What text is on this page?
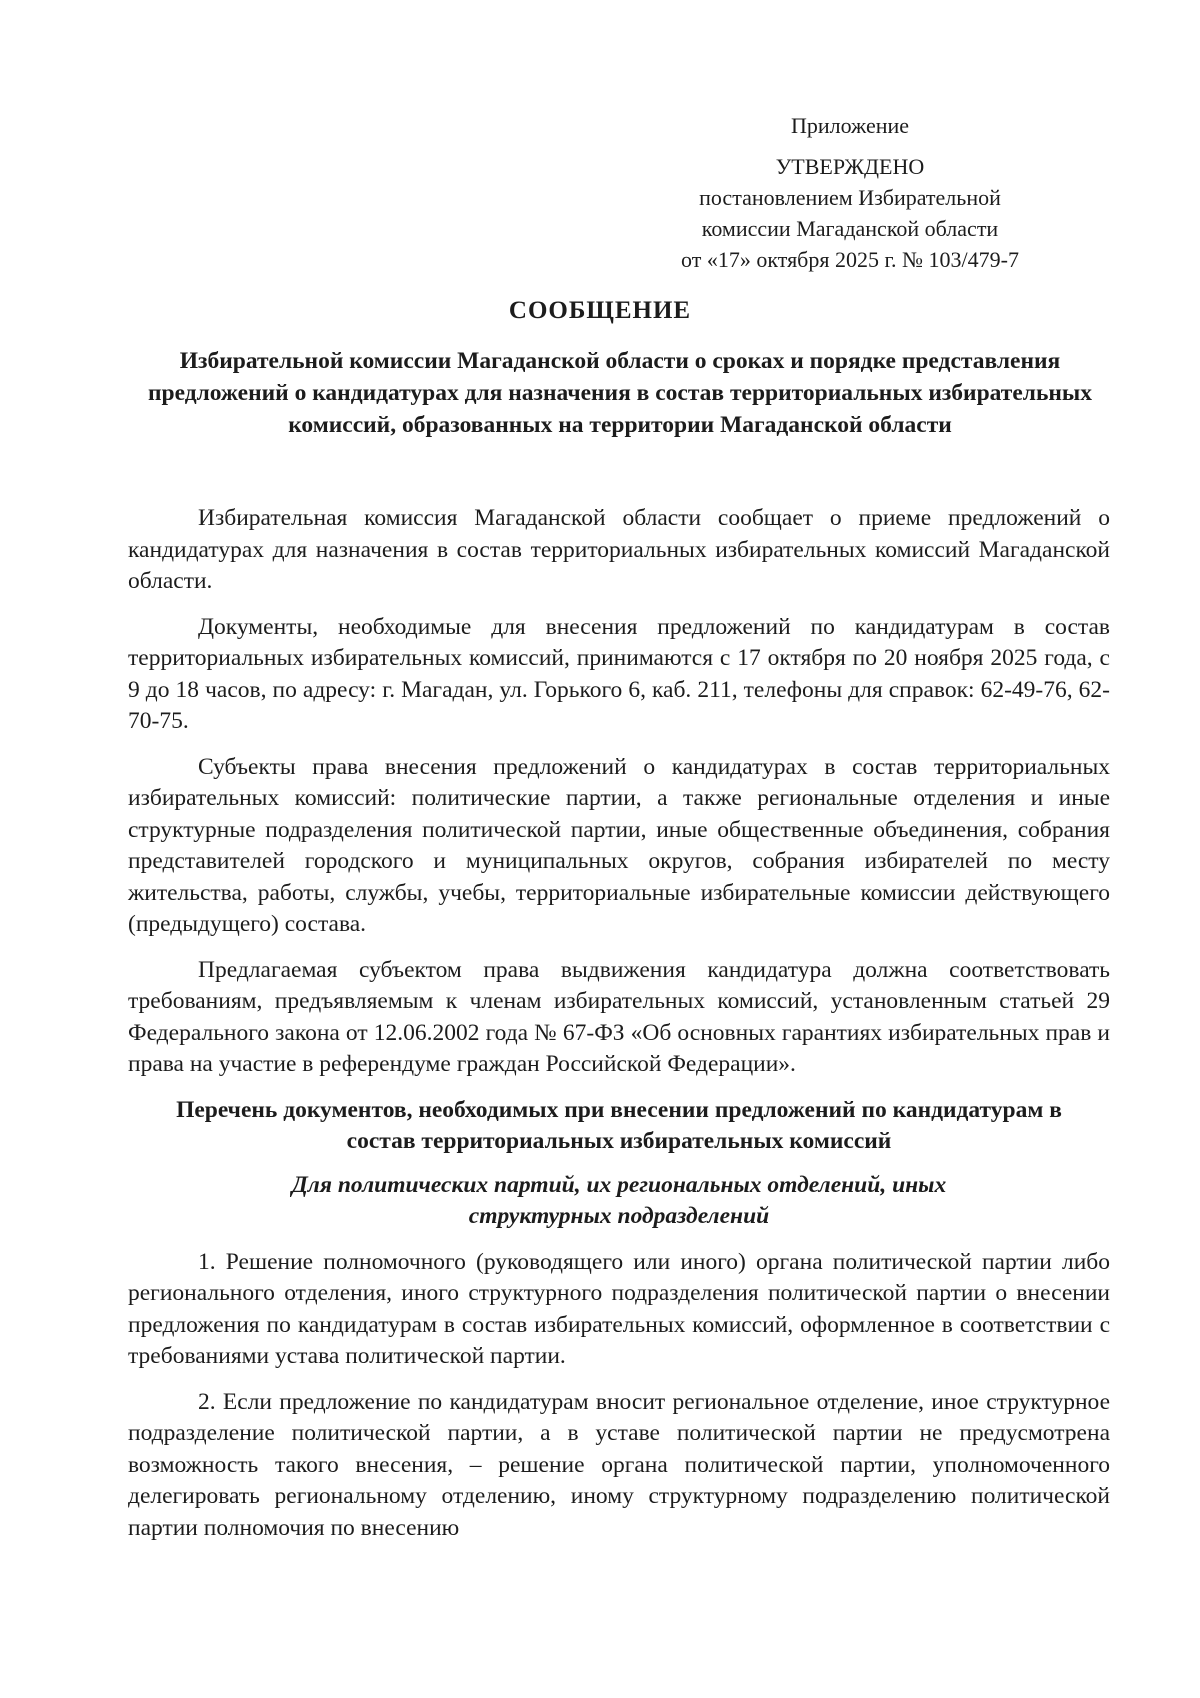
Приложение
УТВЕРЖДЕНО
постановлением Избирательной
комиссии Магаданской области
от «17» октября 2025 г. № 103/479-7
СООБЩЕНИЕ
Избирательной комиссии Магаданской области о сроках и порядке представления предложений о кандидатурах для назначения в состав территориальных избирательных комиссий, образованных на территории Магаданской области

Избирательная комиссия Магаданской области сообщает о приеме предложений о кандидатурах для назначения в состав территориальных избирательных комиссий Магаданской области.

Документы, необходимые для внесения предложений по кандидатурам в состав территориальных избирательных комиссий, принимаются с 17 октября по 20 ноября 2025 года, с 9 до 18 часов, по адресу: г. Магадан, ул. Горького 6, каб. 211, телефоны для справок: 62-49-76, 62-70-75.

Субъекты права внесения предложений о кандидатурах в состав территориальных избирательных комиссий: политические партии, а также региональные отделения и иные структурные подразделения политической партии, иные общественные объединения, собрания представителей городского и муниципальных округов, собрания избирателей по месту жительства, работы, службы, учебы, территориальные избирательные комиссии действующего (предыдущего) состава.

Предлагаемая субъектом права выдвижения кандидатура должна соответствовать требованиям, предъявляемым к членам избирательных комиссий, установленным статьей 29 Федерального закона от 12.06.2002 года № 67-ФЗ «Об основных гарантиях избирательных прав и права на участие в референдуме граждан Российской Федерации».

Перечень документов, необходимых при внесении предложений по кандидатурам в состав территориальных избирательных комиссий

Для политических партий, их региональных отделений, иных структурных подразделений

1. Решение полномочного (руководящего или иного) органа политической партии либо регионального отделения, иного структурного подразделения политической партии о внесении предложения по кандидатурам в состав избирательных комиссий, оформленное в соответствии с требованиями устава политической партии.

2. Если предложение по кандидатурам вносит региональное отделение, иное структурное подразделение политической партии, а в уставе политической партии не предусмотрена возможность такого внесения, – решение органа политической партии, уполномоченного делегировать региональному отделению, иному структурному подразделению политической партии полномочия по внесению
